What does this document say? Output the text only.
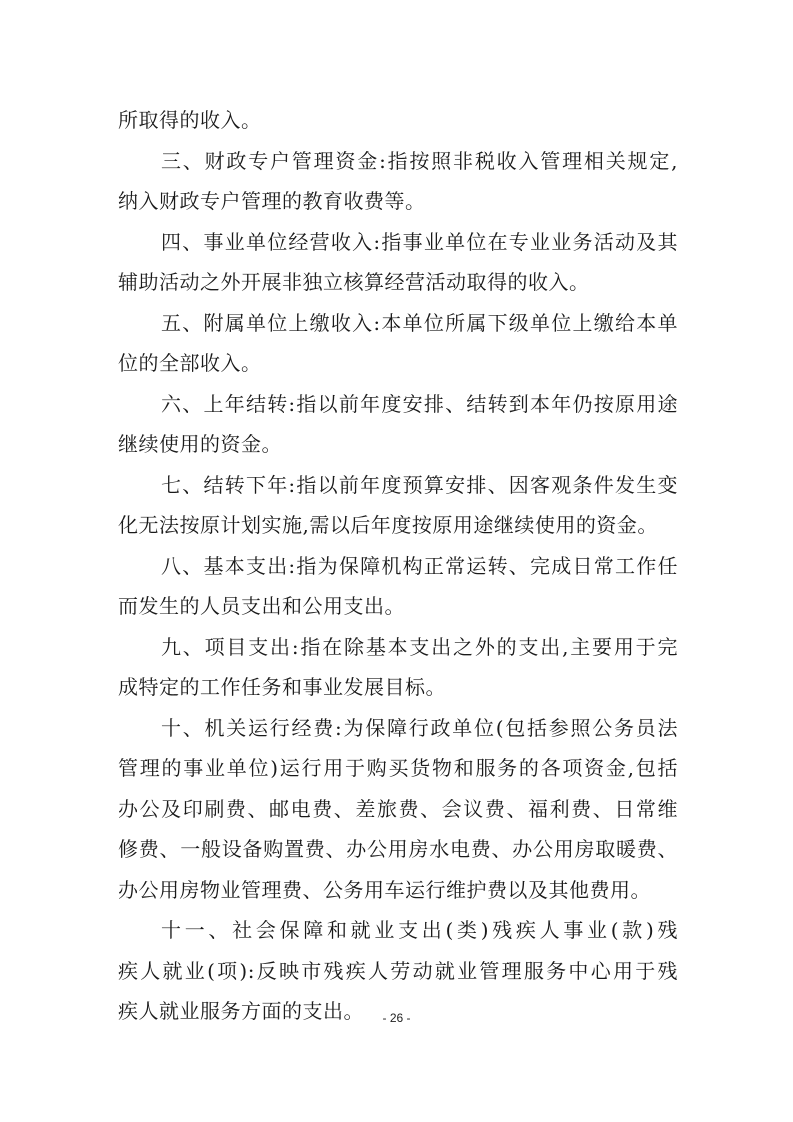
所取得的收入。
三、财政专户管理资金:指按照非税收入管理相关规定,
纳入财政专户管理的教育收费等。
四、事业单位经营收入:指事业单位在专业业务活动及其
辅助活动之外开展非独立核算经营活动取得的收入。
五、附属单位上缴收入:本单位所属下级单位上缴给本单
位的全部收入。
六、上年结转:指以前年度安排、结转到本年仍按原用途
继续使用的资金。
七、结转下年:指以前年度预算安排、因客观条件发生变
化无法按原计划实施,需以后年度按原用途继续使用的资金。
八、基本支出:指为保障机构正常运转、完成日常工作任
而发生的人员支出和公用支出。
九、项目支出:指在除基本支出之外的支出,主要用于完
成特定的工作任务和事业发展目标。
十、机关运行经费:为保障行政单位(包括参照公务员法
管理的事业单位)运行用于购买货物和服务的各项资金,包括
办公及印刷费、邮电费、差旅费、会议费、福利费、日常维
修费、一般设备购置费、办公用房水电费、办公用房取暖费、
办公用房物业管理费、公务用车运行维护费以及其他费用。
十一、社会保障和就业支出(类)残疾人事业(款)残
疾人就业(项):反映市残疾人劳动就业管理服务中心用于残
疾人就业服务方面的支出。	- 26 -
